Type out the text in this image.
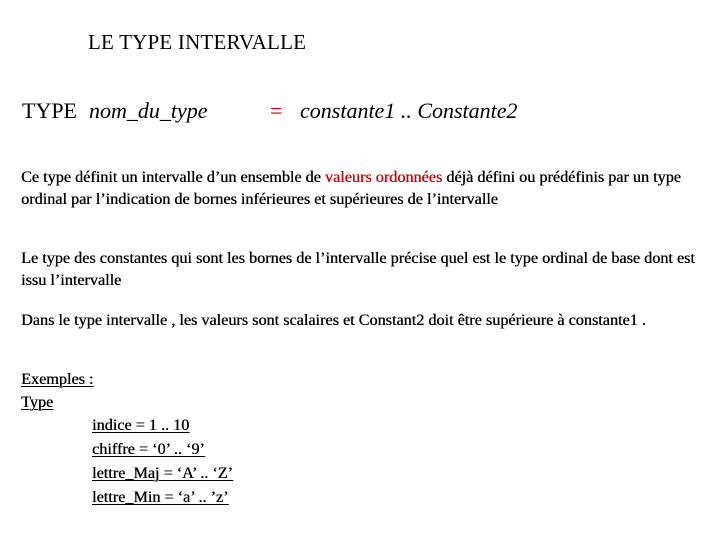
LE TYPE INTERVALLE
TYPE nom_du_type	= constante1 .. Constante2
Ce type définit un intervalle d’un ensemble de valeurs ordonnées déjà défini ou prédéfinis par un type ordinal par l’indication de bornes inférieures et supérieures de l’intervalle
Le type des constantes qui sont les bornes de l’intervalle précise quel est le type ordinal de base dont est issu l’intervalle
Dans le type intervalle , les valeurs sont scalaires et Constant2 doit être supérieure à constante1 .
Exemples :
Type
indice = 1 .. 10
chiffre = ‘0’ .. ‘9’
lettre_Maj = ‘A’ .. ‘Z’
lettre_Min = ‘a’ .. ’z’
